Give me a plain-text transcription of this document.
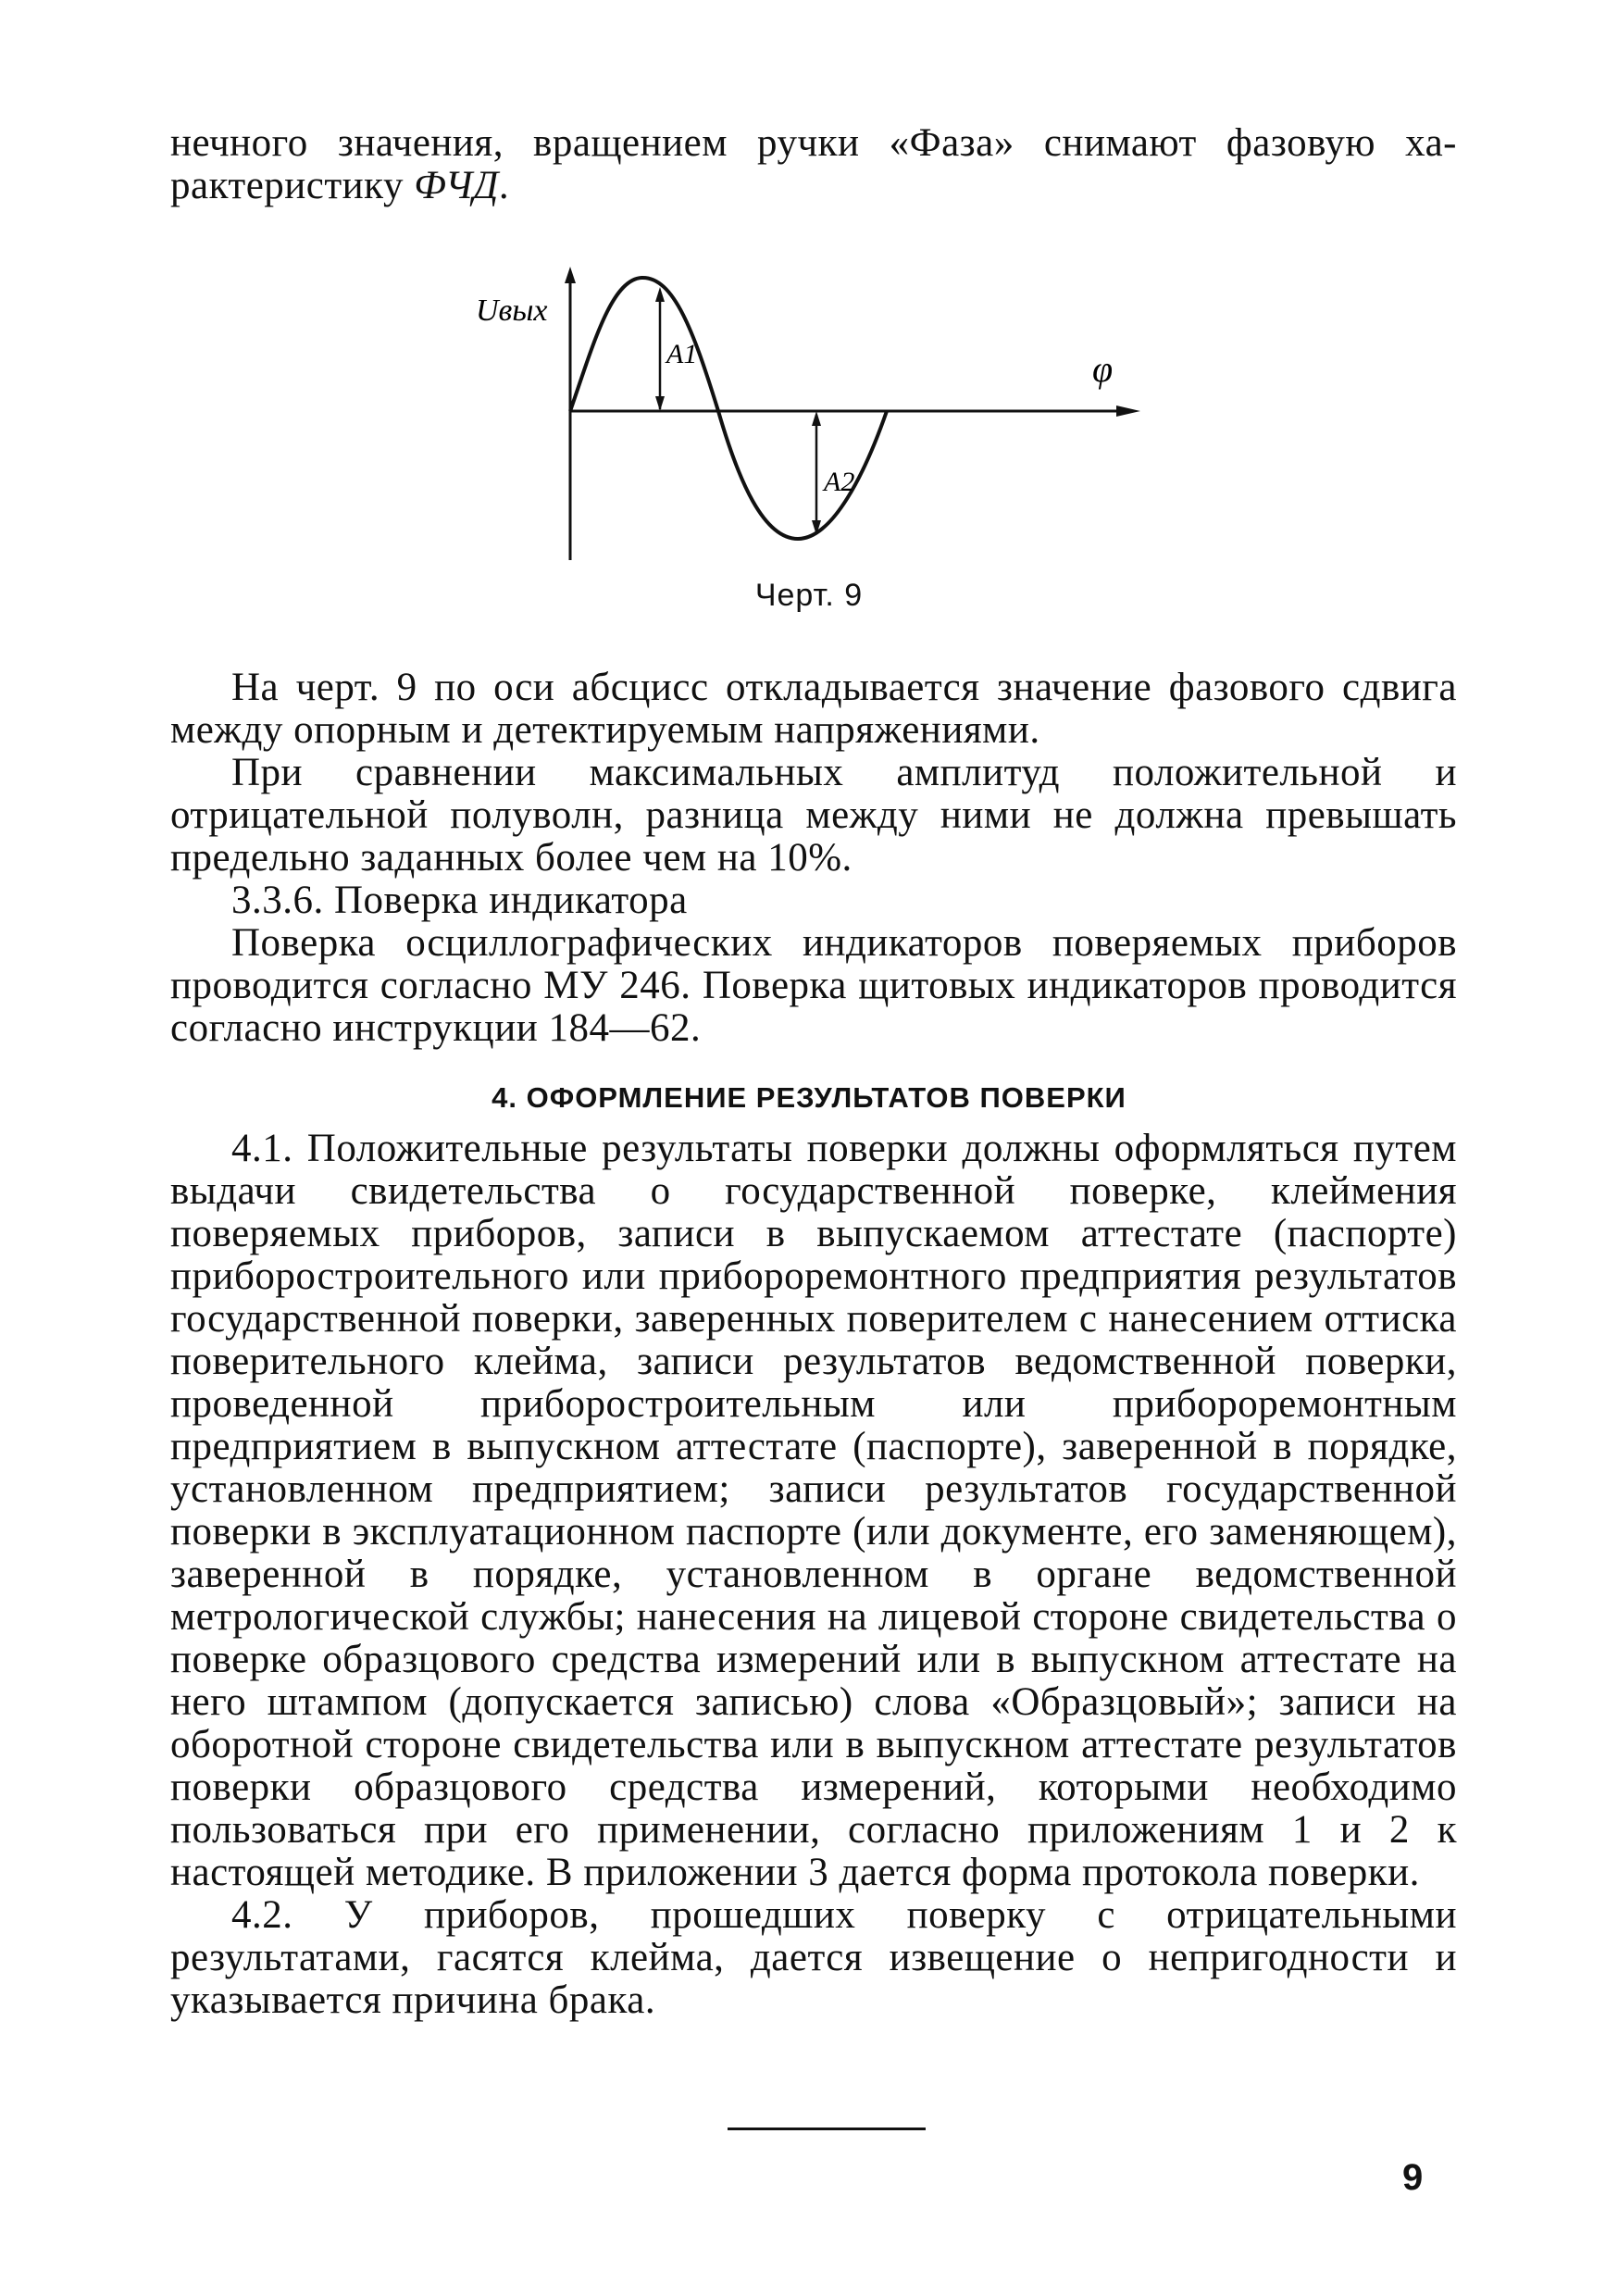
нечного значения, вращением ручки «Фаза» снимают фазовую ха-

рактеристику ФЧД.

Uвых
φ
A1
A2
Черт. 9

На черт. 9 по оси абсцисс откладывается значение фазового сдвига между опорным и детектируемым напряжениями.

При сравнении максимальных амплитуд положительной и отрицательной полуволн, разница между ними не должна превышать предельно заданных более чем на 10%.

3.3.6. Поверка индикатора

Поверка осциллографических индикаторов поверяемых приборов проводится согласно МУ 246. Поверка щитовых индикаторов проводится согласно инструкции 184—62.

4. ОФОРМЛЕНИЕ РЕЗУЛЬТАТОВ ПОВЕРКИ

4.1. Положительные результаты поверки должны оформляться путем выдачи свидетельства о государственной поверке, клеймения поверяемых приборов, записи в выпускаемом аттестате (паспорте) приборостроительного или прибороремонтного предприятия результатов государственной поверки, заверенных поверителем с нанесением оттиска поверительного клейма, записи результатов ведомственной поверки, проведенной приборостроительным или прибороремонтным предприятием в выпускном аттестате (паспорте), заверенной в порядке, установленном предприятием; записи результатов государственной поверки в эксплуатационном паспорте (или документе, его заменяющем), заверенной в порядке, установленном в органе ведомственной метрологической службы; нанесения на лицевой стороне свидетельства о поверке образцового средства измерений или в выпускном аттестате на него штампом (допускается записью) слова «Образцовый»; записи на оборотной стороне свидетельства или в выпускном аттестате результатов поверки образцового средства измерений, которыми необходимо пользоваться при его применении, согласно приложениям 1 и 2 к настоящей методике. В приложении 3 дается форма протокола поверки.

4.2. У приборов, прошедших поверку с отрицательными результатами, гасятся клейма, дается извещение о непригодности и указывается причина брака.

9
